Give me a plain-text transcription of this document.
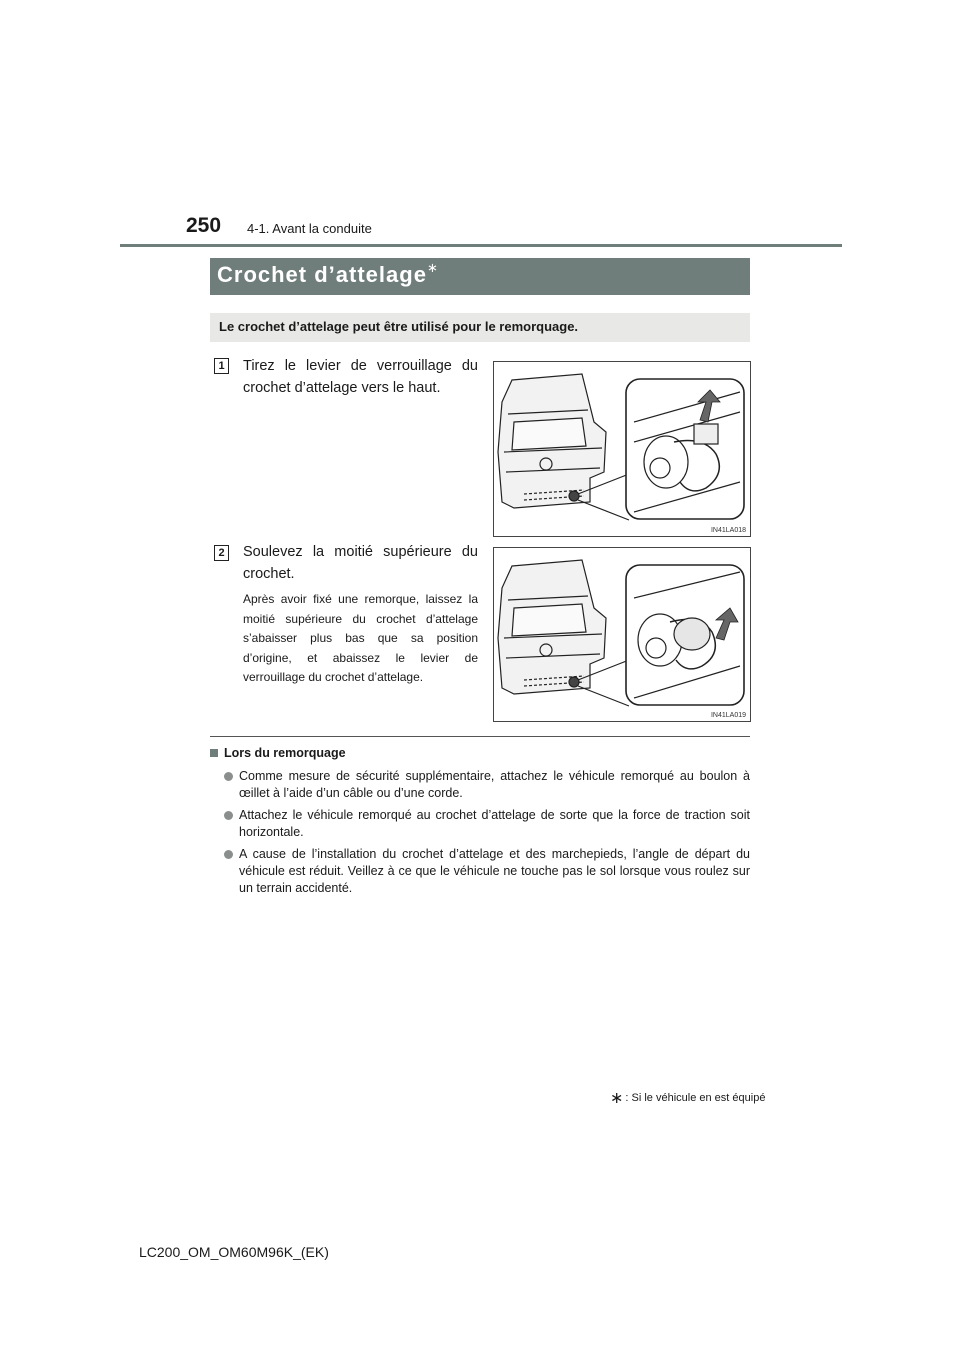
250 4-1. Avant la conduite
Crochet d’attelage∗
Le crochet d’attelage peut être utilisé pour le remorquage.
1	Tirez le levier de verrouillage du crochet d’attelage vers le haut.
IN41LA018
2	Soulevez la moitié supérieure du crochet.
Après avoir fixé une remorque, laissez la moitié supérieure du crochet d’attelage s’abaisser plus bas que sa position d’origine, et abaissez le levier de verrouillage du crochet d’attelage.
IN41LA019
Lors du remorquage
Comme mesure de sécurité supplémentaire, attachez le véhicule remorqué au boulon à œillet à l’aide d’un câble ou d’une corde.
Attachez le véhicule remorqué au crochet d’attelage de sorte que la force de traction soit horizontale.
A cause de l’installation du crochet d’attelage et des marchepieds, l’angle de départ du véhicule est réduit. Veillez à ce que le véhicule ne touche pas le sol lorsque vous roulez sur un terrain accidenté.
∗ : Si le véhicule en est équipé
LC200_OM_OM60M96K_(EK)
